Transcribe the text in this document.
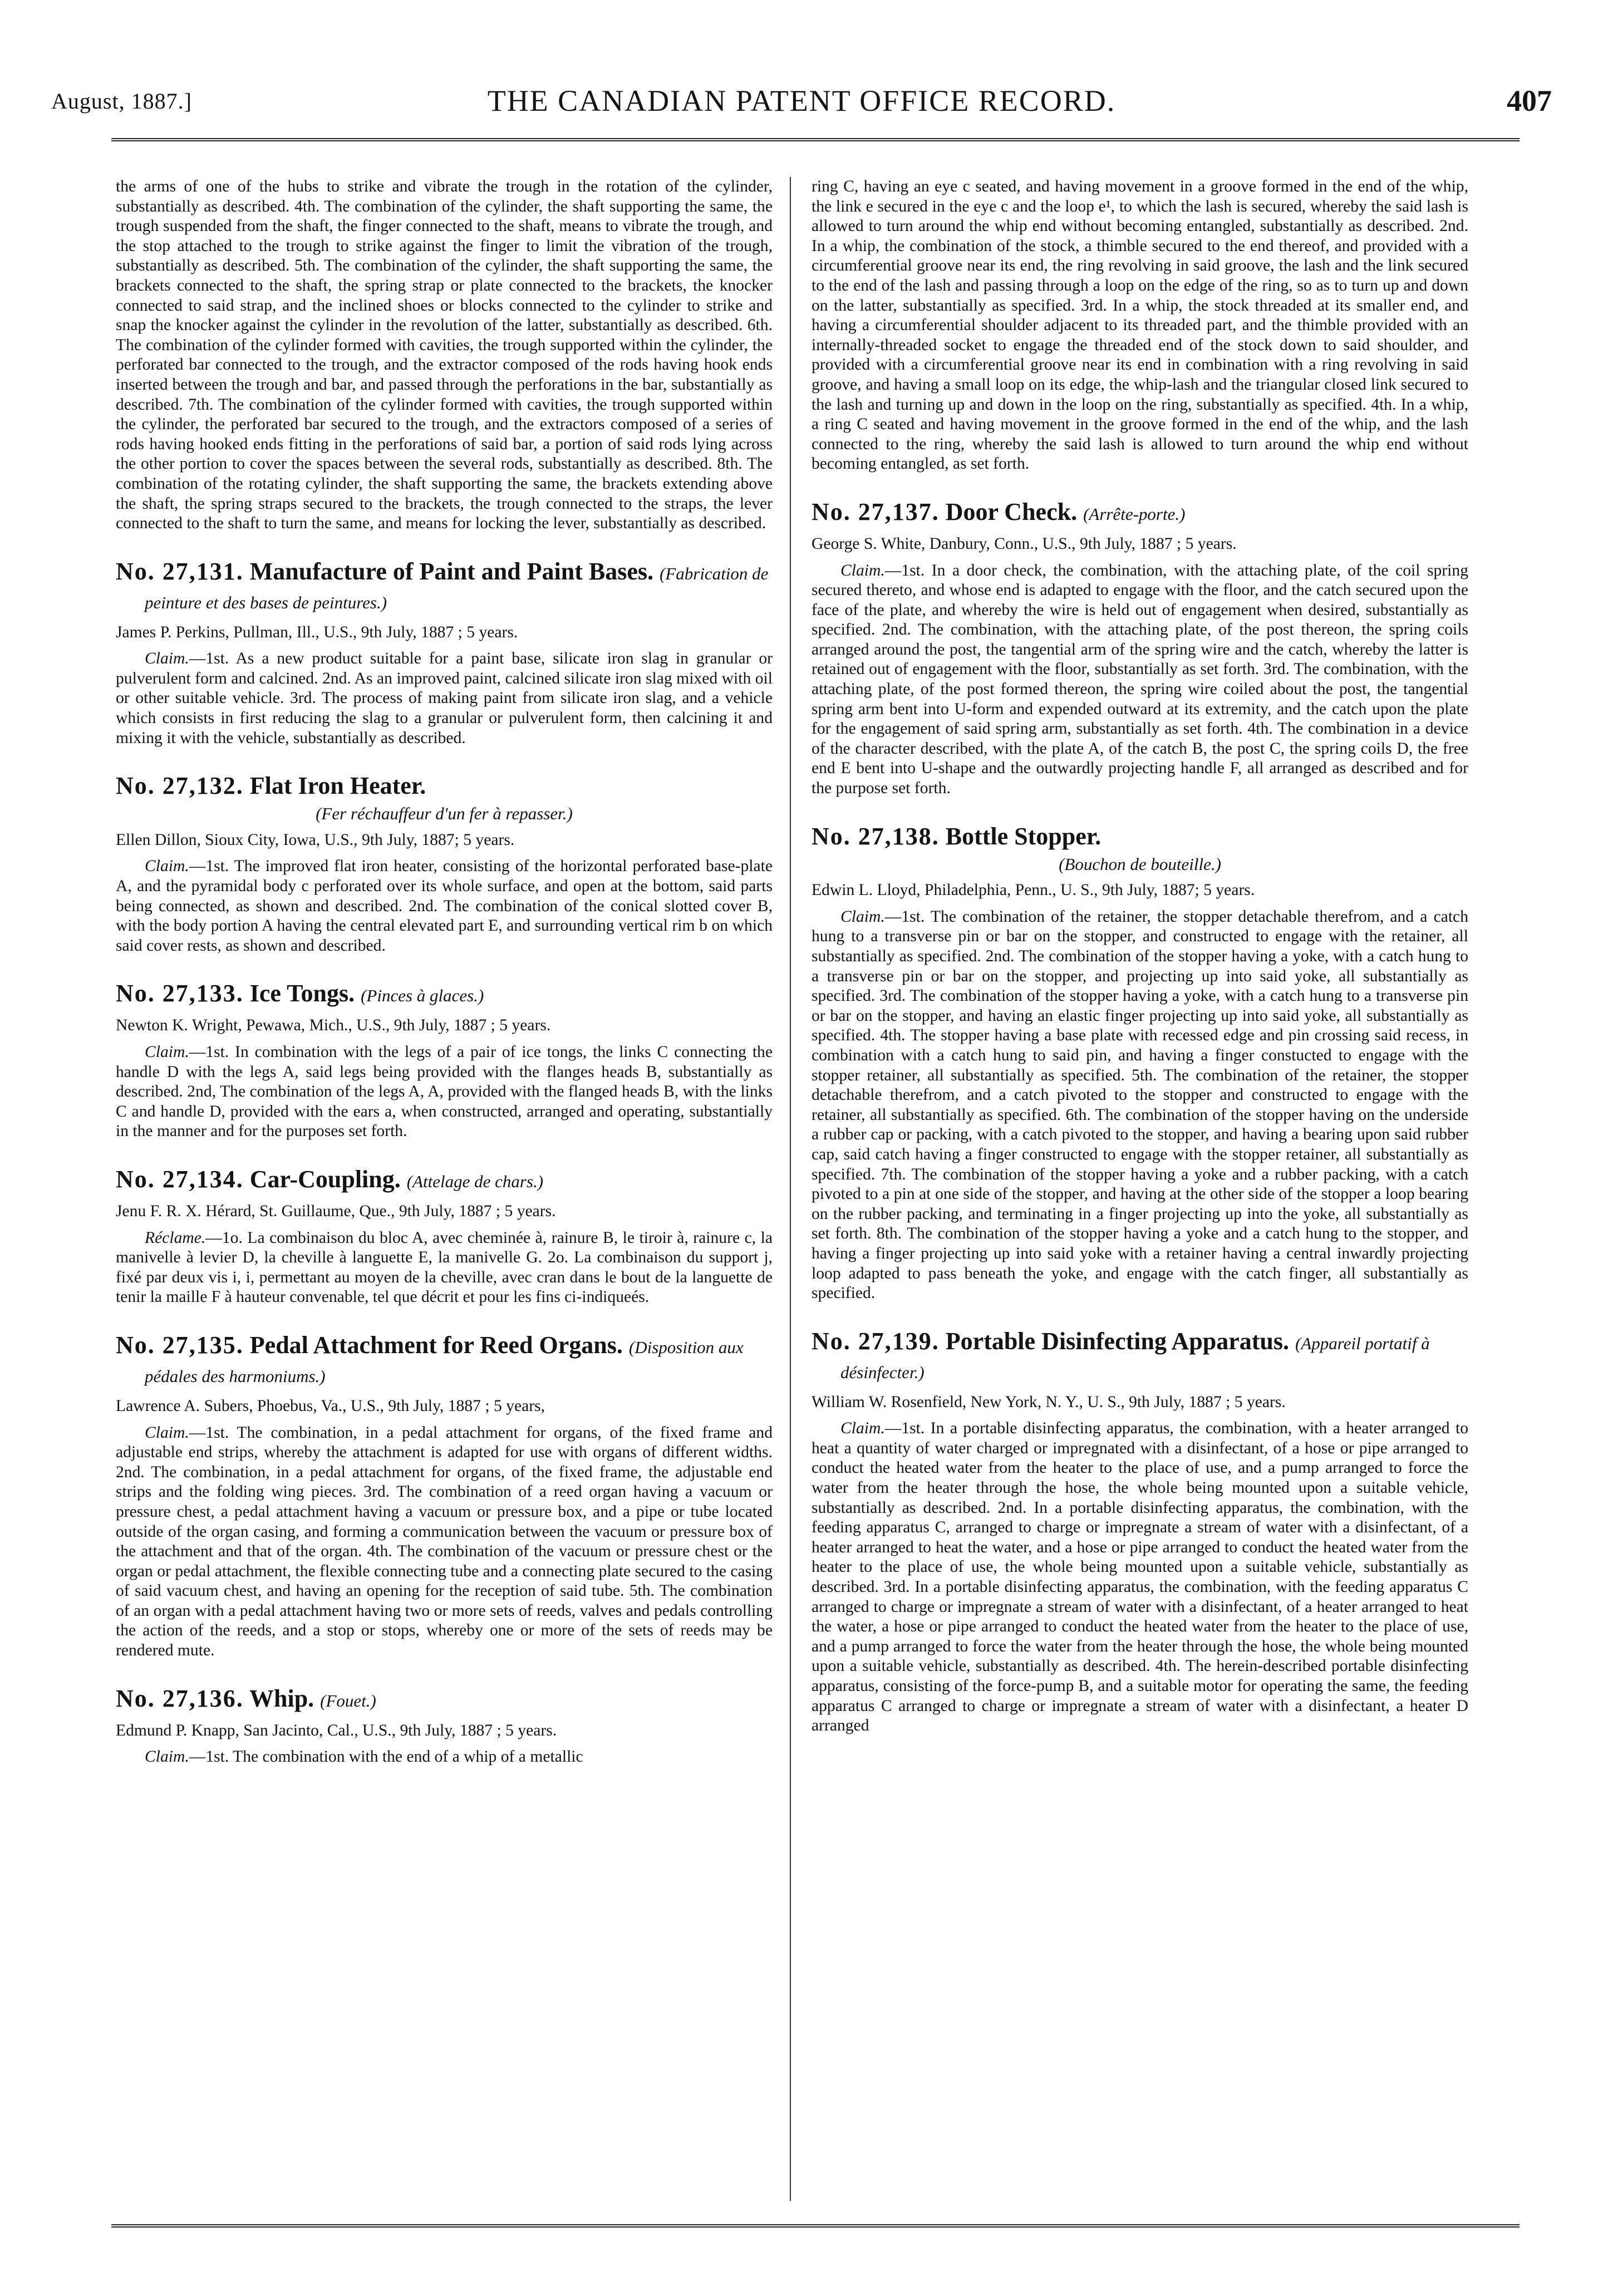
August, 1887.]	THE CANADIAN PATENT OFFICE RECORD.	407

the arms of one of the hubs to strike and vibrate the trough in the rotation of the cylinder, substantially as described. 4th. The combination of the cylinder, the shaft supporting the same, the trough suspended from the shaft, the finger connected to the shaft, means to vibrate the trough, and the stop attached to the trough to strike against the finger to limit the vibration of the trough, substantially as described. 5th. The combination of the cylinder, the shaft supporting the same, the brackets connected to the shaft, the spring strap or plate connected to the brackets, the knocker connected to said strap, and the inclined shoes or blocks connected to the cylinder to strike and snap the knocker against the cylinder in the revolution of the latter, substantially as described. 6th. The combination of the cylinder formed with cavities, the trough supported within the cylinder, the perforated bar connected to the trough, and the extractor composed of the rods having hook ends inserted between the trough and bar, and passed through the perforations in the bar, substantially as described. 7th. The combination of the cylinder formed with cavities, the trough supported within the cylinder, the perforated bar secured to the trough, and the extractors composed of a series of rods having hooked ends fitting in the perforations of said bar, a portion of said rods lying across the other portion to cover the spaces between the several rods, substantially as described. 8th. The combination of the rotating cylinder, the shaft supporting the same, the brackets extending above the shaft, the spring straps secured to the brackets, the trough connected to the straps, the lever connected to the shaft to turn the same, and means for locking the lever, substantially as described.

No. 27,131. Manufacture of Paint and Paint Bases. (Fabrication de peinture et des bases de peintures.)

James P. Perkins, Pullman, Ill., U.S., 9th July, 1887 ; 5 years.

Claim.—1st. As a new product suitable for a paint base, silicate iron slag in granular or pulverulent form and calcined. 2nd. As an improved paint, calcined silicate iron slag mixed with oil or other suitable vehicle. 3rd. The process of making paint from silicate iron slag, and a vehicle which consists in first reducing the slag to a granular or pulverulent form, then calcining it and mixing it with the vehicle, substantially as described.

No. 27,132. Flat Iron Heater.
(Fer réchauffeur d'un fer à repasser.)

Ellen Dillon, Sioux City, Iowa, U.S., 9th July, 1887; 5 years.

Claim.—1st. The improved flat iron heater, consisting of the horizontal perforated base-plate A, and the pyramidal body c perforated over its whole surface, and open at the bottom, said parts being connected, as shown and described. 2nd. The combination of the conical slotted cover B, with the body portion A having the central elevated part E, and surrounding vertical rim b on which said cover rests, as shown and described.

No. 27,133. Ice Tongs. (Pinces à glaces.)

Newton K. Wright, Pewawa, Mich., U.S., 9th July, 1887 ; 5 years.

Claim.—1st. In combination with the legs of a pair of ice tongs, the links C connecting the handle D with the legs A, said legs being provided with the flanges heads B, substantially as described. 2nd, The combination of the legs A, A, provided with the flanged heads B, with the links C and handle D, provided with the ears a, when constructed, arranged and operating, substantially in the manner and for the purposes set forth.

No. 27,134. Car-Coupling. (Attelage de chars.)

Jenu F. R. X. Hérard, St. Guillaume, Que., 9th July, 1887 ; 5 years.

Réclame.—1o. La combinaison du bloc A, avec cheminée à, rainure B, le tiroir à, rainure c, la manivelle à levier D, la cheville à languette E, la manivelle G. 2o. La combinaison du support j, fixé par deux vis i, i, permettant au moyen de la cheville, avec cran dans le bout de la languette de tenir la maille F à hauteur convenable, tel que décrit et pour les fins ci-indiqueés.

No. 27,135. Pedal Attachment for Reed Organs. (Disposition aux pédales des harmoniums.)

Lawrence A. Subers, Phoebus, Va., U.S., 9th July, 1887 ; 5 years,

Claim.—1st. The combination, in a pedal attachment for organs, of the fixed frame and adjustable end strips, whereby the attachment is adapted for use with organs of different widths. 2nd. The combination, in a pedal attachment for organs, of the fixed frame, the adjustable end strips and the folding wing pieces. 3rd. The combination of a reed organ having a vacuum or pressure chest, a pedal attachment having a vacuum or pressure box, and a pipe or tube located outside of the organ casing, and forming a communication between the vacuum or pressure box of the attachment and that of the organ. 4th. The combination of the vacuum or pressure chest or the organ or pedal attachment, the flexible connecting tube and a connecting plate secured to the casing of said vacuum chest, and having an opening for the reception of said tube. 5th. The combination of an organ with a pedal attachment having two or more sets of reeds, valves and pedals controlling the action of the reeds, and a stop or stops, whereby one or more of the sets of reeds may be rendered mute.

No. 27,136. Whip. (Fouet.)

Edmund P. Knapp, San Jacinto, Cal., U.S., 9th July, 1887 ; 5 years.

Claim.—1st. The combination with the end of a whip of a metallic

ring C, having an eye c seated, and having movement in a groove formed in the end of the whip, the link e secured in the eye c and the loop e¹, to which the lash is secured, whereby the said lash is allowed to turn around the whip end without becoming entangled, substantially as described. 2nd. In a whip, the combination of the stock, a thimble secured to the end thereof, and provided with a circumferential groove near its end, the ring revolving in said groove, the lash and the link secured to the end of the lash and passing through a loop on the edge of the ring, so as to turn up and down on the latter, substantially as specified. 3rd. In a whip, the stock threaded at its smaller end, and having a circumferential shoulder adjacent to its threaded part, and the thimble provided with an internally-threaded socket to engage the threaded end of the stock down to said shoulder, and provided with a circumferential groove near its end in combination with a ring revolving in said groove, and having a small loop on its edge, the whip-lash and the triangular closed link secured to the lash and turning up and down in the loop on the ring, substantially as specified. 4th. In a whip, a ring C seated and having movement in the groove formed in the end of the whip, and the lash connected to the ring, whereby the said lash is allowed to turn around the whip end without becoming entangled, as set forth.

No. 27,137. Door Check. (Arrête-porte.)

George S. White, Danbury, Conn., U.S., 9th July, 1887 ; 5 years.

Claim.—1st. In a door check, the combination, with the attaching plate, of the coil spring secured thereto, and whose end is adapted to engage with the floor, and the catch secured upon the face of the plate, and whereby the wire is held out of engagement when desired, substantially as specified. 2nd. The combination, with the attaching plate, of the post thereon, the spring coils arranged around the post, the tangential arm of the spring wire and the catch, whereby the latter is retained out of engagement with the floor, substantially as set forth. 3rd. The combination, with the attaching plate, of the post formed thereon, the spring wire coiled about the post, the tangential spring arm bent into U-form and expended outward at its extremity, and the catch upon the plate for the engagement of said spring arm, substantially as set forth. 4th. The combination in a device of the character described, with the plate A, of the catch B, the post C, the spring coils D, the free end E bent into U-shape and the outwardly projecting handle F, all arranged as described and for the purpose set forth.

No. 27,138. Bottle Stopper.
(Bouchon de bouteille.)

Edwin L. Lloyd, Philadelphia, Penn., U. S., 9th July, 1887; 5 years.

Claim.—1st. The combination of the retainer, the stopper detachable therefrom, and a catch hung to a transverse pin or bar on the stopper, and constructed to engage with the retainer, all substantially as specified. 2nd. The combination of the stopper having a yoke, with a catch hung to a transverse pin or bar on the stopper, and projecting up into said yoke, all substantially as specified. 3rd. The combination of the stopper having a yoke, with a catch hung to a transverse pin or bar on the stopper, and having an elastic finger projecting up into said yoke, all substantially as specified. 4th. The stopper having a base plate with recessed edge and pin crossing said recess, in combination with a catch hung to said pin, and having a finger constucted to engage with the stopper retainer, all substantially as specified. 5th. The combination of the retainer, the stopper detachable therefrom, and a catch pivoted to the stopper and constructed to engage with the retainer, all substantially as specified. 6th. The combination of the stopper having on the underside a rubber cap or packing, with a catch pivoted to the stopper, and having a bearing upon said rubber cap, said catch having a finger constructed to engage with the stopper retainer, all substantially as specified. 7th. The combination of the stopper having a yoke and a rubber packing, with a catch pivoted to a pin at one side of the stopper, and having at the other side of the stopper a loop bearing on the rubber packing, and terminating in a finger projecting up into the yoke, all substantially as set forth. 8th. The combination of the stopper having a yoke and a catch hung to the stopper, and having a finger projecting up into said yoke with a retainer having a central inwardly projecting loop adapted to pass beneath the yoke, and engage with the catch finger, all substantially as specified.

No. 27,139. Portable Disinfecting Apparatus. (Appareil portatif à désinfecter.)

William W. Rosenfield, New York, N. Y., U. S., 9th July, 1887 ; 5 years.

Claim.—1st. In a portable disinfecting apparatus, the combination, with a heater arranged to heat a quantity of water charged or impregnated with a disinfectant, of a hose or pipe arranged to conduct the heated water from the heater to the place of use, and a pump arranged to force the water from the heater through the hose, the whole being mounted upon a suitable vehicle, substantially as described. 2nd. In a portable disinfecting apparatus, the combination, with the feeding apparatus C, arranged to charge or impregnate a stream of water with a disinfectant, of a heater arranged to heat the water, and a hose or pipe arranged to conduct the heated water from the heater to the place of use, the whole being mounted upon a suitable vehicle, substantially as described. 3rd. In a portable disinfecting apparatus, the combination, with the feeding apparatus C arranged to charge or impregnate a stream of water with a disinfectant, of a heater arranged to heat the water, a hose or pipe arranged to conduct the heated water from the heater to the place of use, and a pump arranged to force the water from the heater through the hose, the whole being mounted upon a suitable vehicle, substantially as described. 4th. The herein-described portable disinfecting apparatus, consisting of the force-pump B, and a suitable motor for operating the same, the feeding apparatus C arranged to charge or impregnate a stream of water with a disinfectant, a heater D arranged
